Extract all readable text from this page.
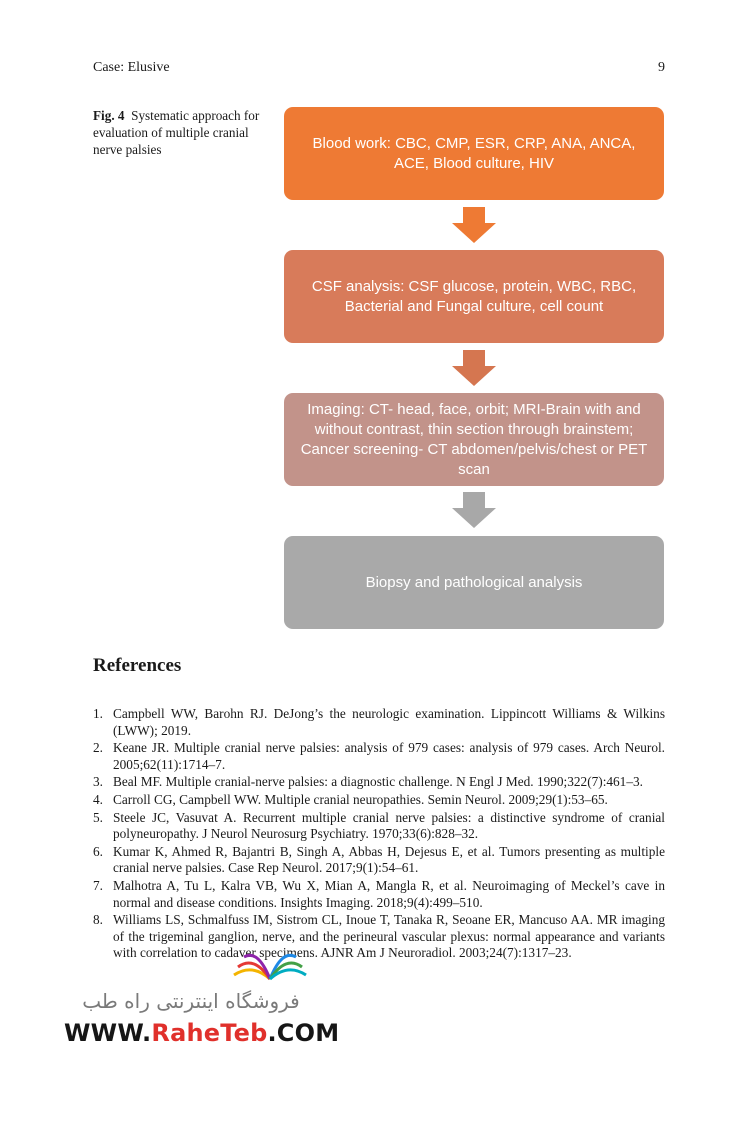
Case: Elusive	9
Fig. 4 Systematic approach for evaluation of multiple cranial nerve palsies	Blood work: CBC, CMP, ESR, CRP, ANA, ANCA, ACE, Blood culture, HIV
CSF analysis: CSF glucose, protein, WBC, RBC, Bacterial and Fungal culture, cell count
Imaging: CT- head, face, orbit; MRI-Brain with and without contrast, thin section through brainstem; Cancer screening- CT abdomen/pelvis/chest or PET scan
Biopsy and pathological analysis
References
1. Campbell WW, Barohn RJ. DeJong’s the neurologic examination. Lippincott Williams & Wilkins (LWW); 2019.
2. Keane JR. Multiple cranial nerve palsies: analysis of 979 cases: analysis of 979 cases. Arch Neurol. 2005;62(11):1714–7.
3. Beal MF. Multiple cranial-nerve palsies: a diagnostic challenge. N Engl J Med. 1990;322(7):461–3.
4. Carroll CG, Campbell WW. Multiple cranial neuropathies. Semin Neurol. 2009;29(1):53–65.
5. Steele JC, Vasuvat A. Recurrent multiple cranial nerve palsies: a distinctive syndrome of cranial polyneuropathy. J Neurol Neurosurg Psychiatry. 1970;33(6):828–32.
6. Kumar K, Ahmed R, Bajantri B, Singh A, Abbas H, Dejesus E, et al. Tumors presenting as multiple cranial nerve palsies. Case Rep Neurol. 2017;9(1):54–61.
7. Malhotra A, Tu L, Kalra VB, Wu X, Mian A, Mangla R, et al. Neuroimaging of Meckel’s cave in normal and disease conditions. Insights Imaging. 2018;9(4):499–510.
8. Williams LS, Schmalfuss IM, Sistrom CL, Inoue T, Tanaka R, Seoane ER, Mancuso AA. MR imaging of the trigeminal ganglion, nerve, and the perineural vascular plexus: normal appearance and variants with correlation to cadaver specimens. AJNR Am J Neuroradiol. 2003;24(7):1317–23.
فروشگاه اینترنتی راه طب
WWW.RaheTeb.COM
